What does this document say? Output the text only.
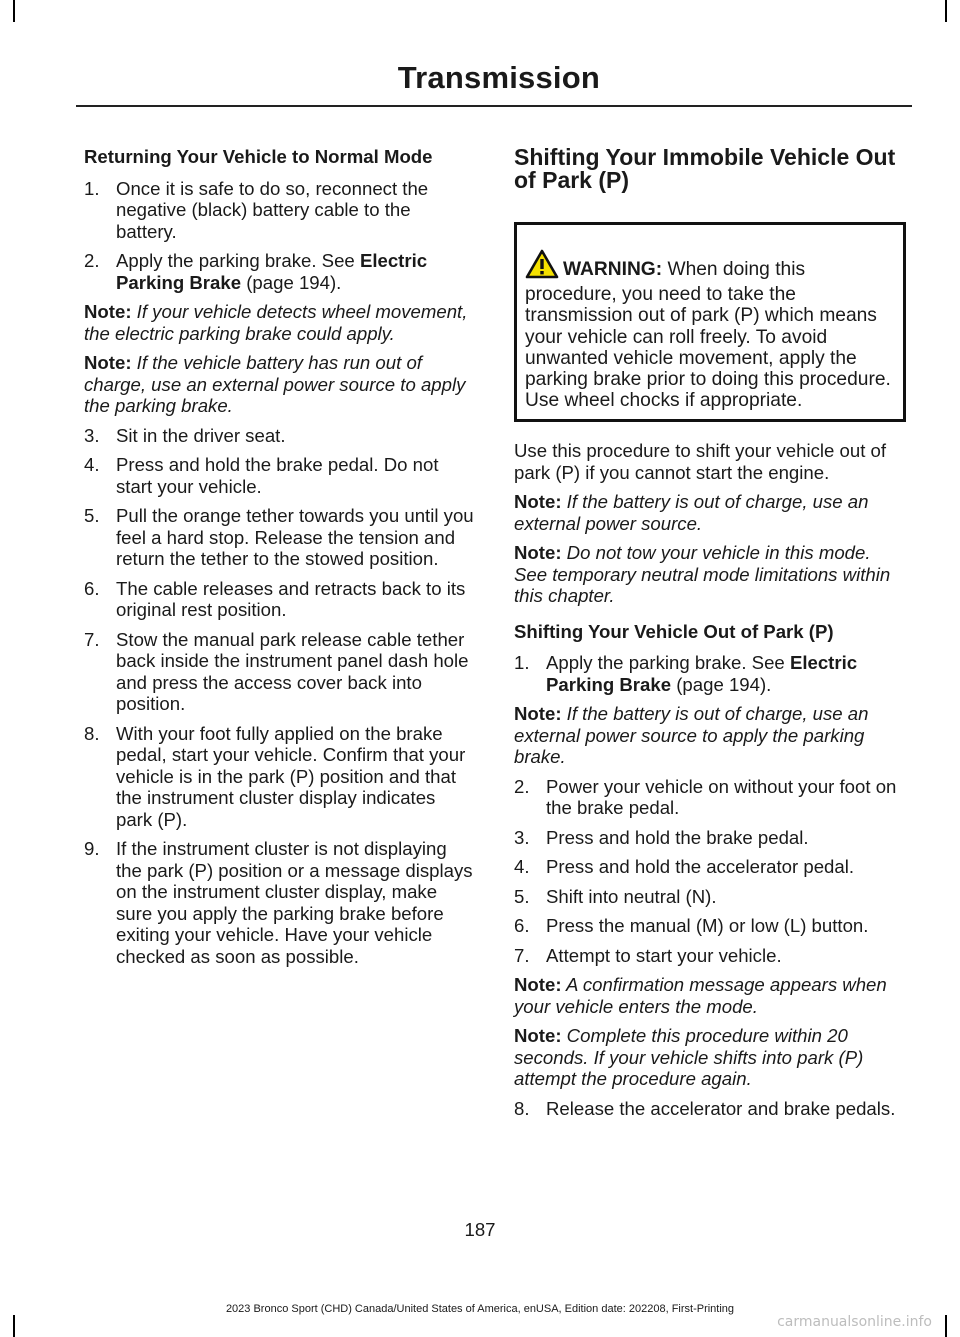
Transmission
Returning Your Vehicle to Normal Mode
1. Once it is safe to do so, reconnect the negative (black) battery cable to the battery.
2. Apply the parking brake. See Electric Parking Brake (page 194).
Note: If your vehicle detects wheel movement, the electric parking brake could apply.
Note: If the vehicle battery has run out of charge, use an external power source to apply the parking brake.
3. Sit in the driver seat.
4. Press and hold the brake pedal. Do not start your vehicle.
5. Pull the orange tether towards you until you feel a hard stop. Release the tension and return the tether to the stowed position.
6. The cable releases and retracts back to its original rest position.
7. Stow the manual park release cable tether back inside the instrument panel dash hole and press the access cover back into position.
8. With your foot fully applied on the brake pedal, start your vehicle. Confirm that your vehicle is in the park (P) position and that the instrument cluster display indicates park (P).
9. If the instrument cluster is not displaying the park (P) position or a message displays on the instrument cluster display, make sure you apply the parking brake before exiting your vehicle. Have your vehicle checked as soon as possible.
Shifting Your Immobile Vehicle Out of Park (P)
WARNING: When doing this procedure, you need to take the transmission out of park (P) which means your vehicle can roll freely. To avoid unwanted vehicle movement, apply the parking brake prior to doing this procedure. Use wheel chocks if appropriate.
Use this procedure to shift your vehicle out of park (P) if you cannot start the engine.
Note: If the battery is out of charge, use an external power source.
Note: Do not tow your vehicle in this mode. See temporary neutral mode limitations within this chapter.
Shifting Your Vehicle Out of Park (P)
1. Apply the parking brake. See Electric Parking Brake (page 194).
Note: If the battery is out of charge, use an external power source to apply the parking brake.
2. Power your vehicle on without your foot on the brake pedal.
3. Press and hold the brake pedal.
4. Press and hold the accelerator pedal.
5. Shift into neutral (N).
6. Press the manual (M) or low (L) button.
7. Attempt to start your vehicle.
Note: A confirmation message appears when your vehicle enters the mode.
Note: Complete this procedure within 20 seconds. If your vehicle shifts into park (P) attempt the procedure again.
8. Release the accelerator and brake pedals.
187
2023 Bronco Sport (CHD) Canada/United States of America, enUSA, Edition date: 202208, First-Printing
carmanualsonline.info
